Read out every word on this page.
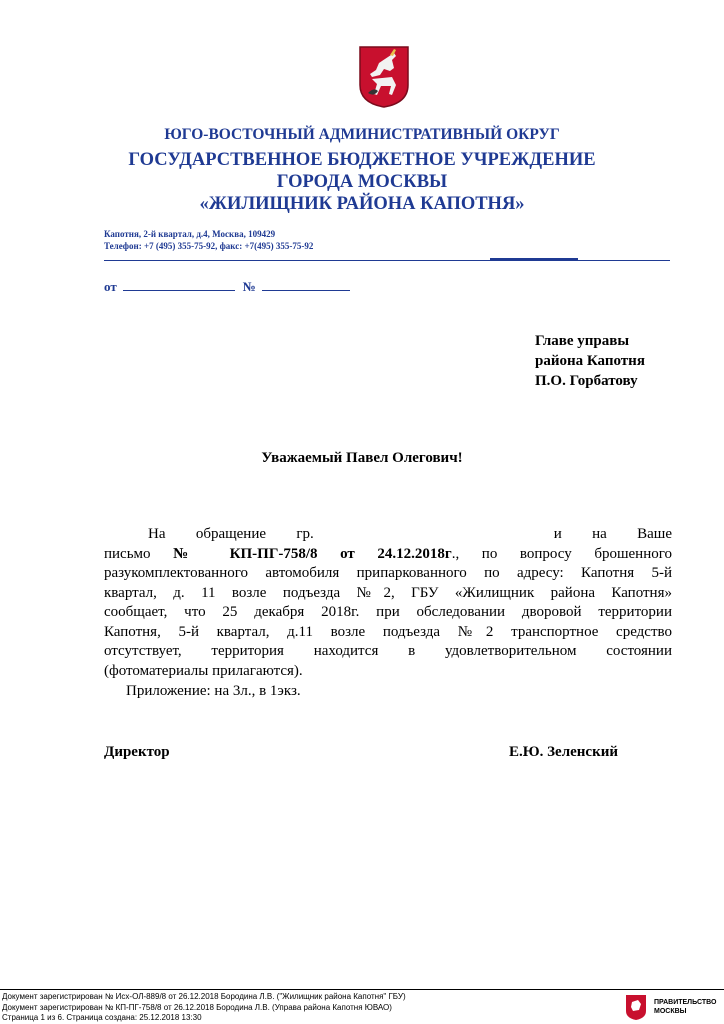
ЮГО-ВОСТОЧНЫЙ АДМИНИСТРАТИВНЫЙ ОКРУГ
ГОСУДАРСТВЕННОЕ БЮДЖЕТНОЕ УЧРЕЖДЕНИЕ
ГОРОДА МОСКВЫ
«ЖИЛИЩНИК РАЙОНА КАПОТНЯ»
Капотня, 2-й квартал, д.4, Москва, 109429
Телефон: +7 (495) 355-75-92, факс: +7(495) 355-75-92
от	№
Главе управы
района Капотня
П.О. Горбатову
Уважаемый Павел Олегович!
На обращение гр.	и на Ваше
письмо № КП-ПГ-758/8 от 24.12.2018г., по вопросу брошенного
разукомплектованного автомобиля припаркованного по адресу: Капотня 5-й
квартал, д. 11 возле подъезда №2, ГБУ «Жилищник района Капотня»
сообщает, что 25 декабря 2018г. при обследовании дворовой территории
Капотня, 5-й квартал, д.11 возле подъезда №2 транспортное средство
отсутствует, территория находится в удовлетворительном состоянии
(фотоматериалы прилагаются).
Приложение: на 3л., в 1экз.
Директор	Е.Ю. Зеленский
Документ зарегистрирован № Исх-ОЛ-889/8 от 26.12.2018 Бородина Л.В. ("Жилищник района Капотня" ГБУ)
Документ зарегистрирован № КП-ПГ-758/8 от 26.12.2018 Бородина Л.В. (Управа района Капотня ЮВАО)
Страница 1 из 6. Страница создана: 25.12.2018 13:30
ПРАВИТЕЛЬСТВО
МОСКВЫ
